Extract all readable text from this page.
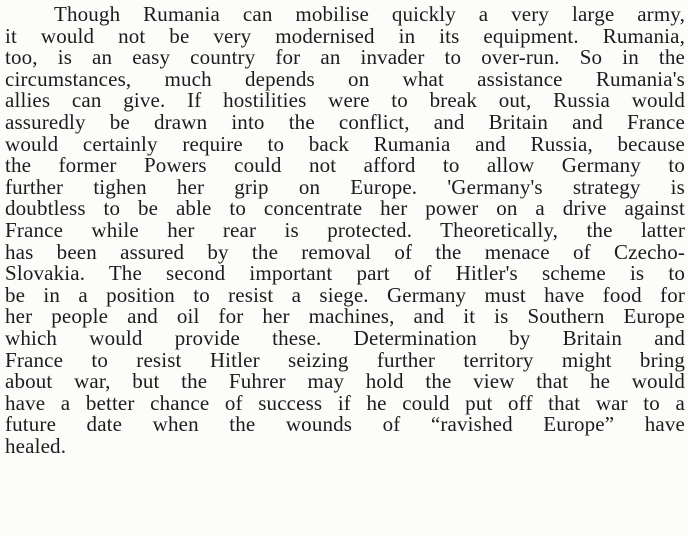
Though Rumania can mobilise quickly a very large army,
it would not be very modernised in its equipment. Rumania,
too, is an easy country for an invader to over-run. So in the
circumstances, much depends on what assistance Rumania's
allies can give. If hostilities were to break out, Russia would
assuredly be drawn into the conflict, and Britain and France
would certainly require to back Rumania and Russia, because
the former Powers could not afford to allow Germany to
further tighen her grip on Europe. 'Germany's strategy is
doubtless to be able to concentrate her power on a drive against
France while her rear is protected. Theoretically, the latter
has been assured by the removal of the menace of Czecho-
Slovakia. The second important part of Hitler's scheme is to
be in a position to resist a siege. Germany must have food for
her people and oil for her machines, and it is Southern Europe
which would provide these. Determination by Britain and
France to resist Hitler seizing further territory might bring
about war, but the Fuhrer may hold the view that he would
have a better chance of success if he could put off that war to a
future date when the wounds of “ravished Europe” have
healed.
